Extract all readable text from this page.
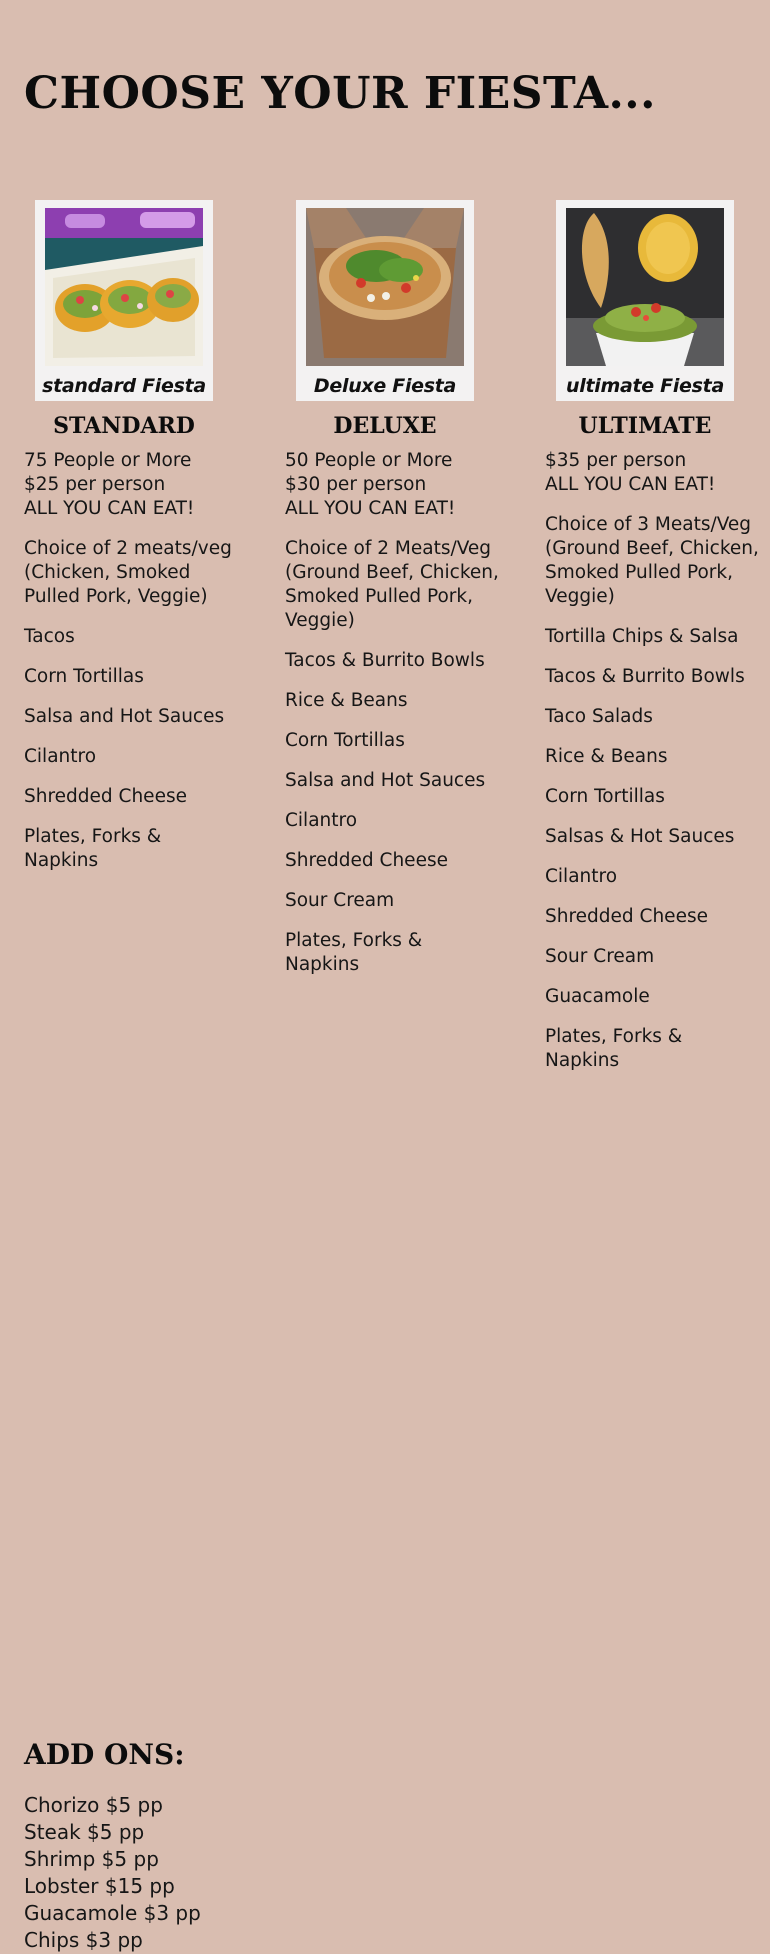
CHOOSE YOUR FIESTA...
standard Fiesta
STANDARD
75 People or More
$25 per person
ALL YOU CAN EAT!
Choice of 2 meats/veg (Chicken, Smoked Pulled Pork, Veggie)
Tacos
Corn Tortillas
Salsa and Hot Sauces
Cilantro
Shredded Cheese
Plates, Forks & Napkins
Deluxe Fiesta
DELUXE
50 People or More
$30 per person
ALL YOU CAN EAT!
Choice of 2 Meats/Veg (Ground Beef, Chicken, Smoked Pulled Pork, Veggie)
Tacos & Burrito Bowls
Rice & Beans
Corn Tortillas
Salsa and Hot Sauces
Cilantro
Shredded Cheese
Sour Cream
Plates, Forks & Napkins
ultimate Fiesta
ULTIMATE
$35 per person
ALL YOU CAN EAT!
Choice of 3 Meats/Veg (Ground Beef, Chicken, Smoked Pulled Pork, Veggie)
Tortilla Chips & Salsa
Tacos & Burrito Bowls
Taco Salads
Rice & Beans
Corn Tortillas
Salsas & Hot Sauces
Cilantro
Shredded Cheese
Sour Cream
Guacamole
Plates, Forks & Napkins
ADD ONS:
Chorizo $5 pp
Steak $5 pp
Shrimp $5 pp
Lobster $15 pp
Guacamole $3 pp
Chips $3 pp
